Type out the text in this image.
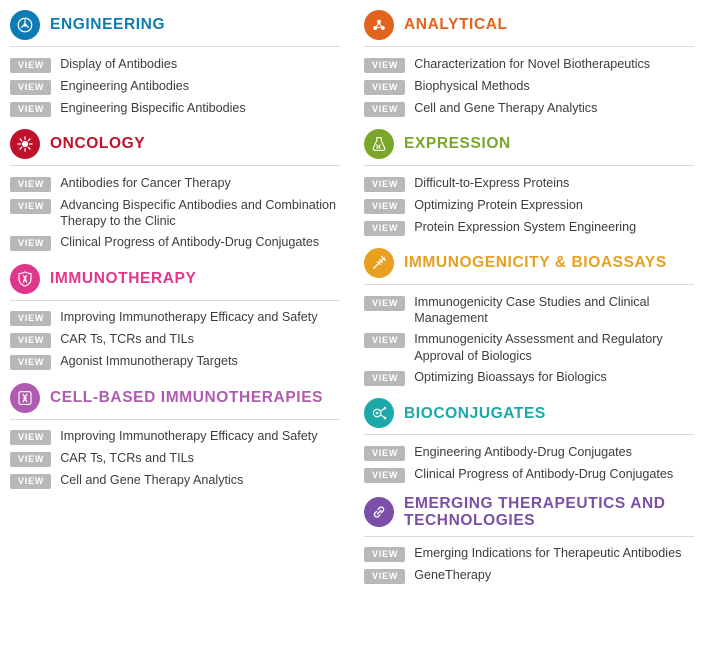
ENGINEERING
VIEW	Display of Antibodies
VIEW	Engineering Antibodies
VIEW	Engineering Bispecific Antibodies
ONCOLOGY
VIEW	Antibodies for Cancer Therapy
VIEW	Advancing Bispecific Antibodies and Combination Therapy to the Clinic
VIEW	Clinical Progress of Antibody-Drug Conjugates
IMMUNOTHERAPY
VIEW	Improving Immunotherapy Efficacy and Safety
VIEW	CAR Ts, TCRs and TILs
VIEW	Agonist Immunotherapy Targets
CELL-BASED IMMUNOTHERAPIES
VIEW	Improving Immunotherapy Efficacy and Safety
VIEW	CAR Ts, TCRs and TILs
VIEW	Cell and Gene Therapy Analytics
ANALYTICAL
VIEW	Characterization for Novel Biotherapeutics
VIEW	Biophysical Methods
VIEW	Cell and Gene Therapy Analytics
EXPRESSION
VIEW	Difficult-to-Express Proteins
VIEW	Optimizing Protein Expression
VIEW	Protein Expression System Engineering
IMMUNOGENICITY & BIOASSAYS
VIEW	Immunogenicity Case Studies and Clinical Management
VIEW	Immunogenicity Assessment and Regulatory Approval of Biologics
VIEW	Optimizing Bioassays for Biologics
BIOCONJUGATES
VIEW	Engineering Antibody-Drug Conjugates
VIEW	Clinical Progress of Antibody-Drug Conjugates
EMERGING THERAPEUTICS AND TECHNOLOGIES
VIEW	Emerging Indications for Therapeutic Antibodies
VIEW	GeneTherapy
